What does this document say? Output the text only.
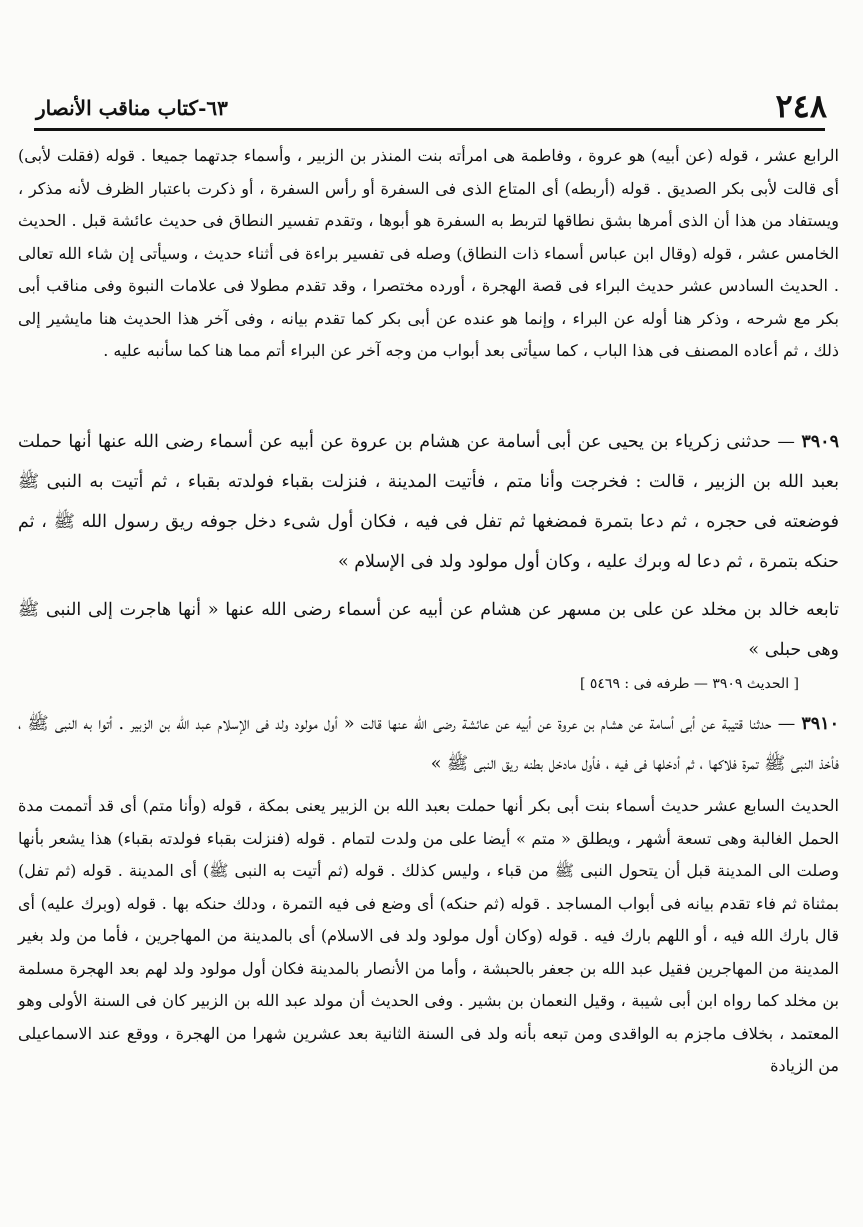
٢٤٨
٦٣-كتاب مناقب الأنصار

الرابع عشر ، قوله (عن أبيه) هو عروة ، وفاطمة هى امرأته بنت المنذر بن الزبير ، وأسماء جدتهما جميعا . قوله (فقلت لأبى) أى قالت لأبى بكر الصديق . قوله (أربطه) أى المتاع الذى فى السفرة أو رأس السفرة ، أو ذكرت باعتبار الظرف لأنه مذكر ، ويستفاد من هذا أن الذى أمرها بشق نطاقها لتربط به السفرة هو أبوها ، وتقدم تفسير النطاق فى حديث عائشة قبل . الحديث الخامس عشر ، قوله (وقال ابن عباس أسماء ذات النطاق) وصله فى تفسير براءة فى أثناء حديث ، وسيأتى إن شاء الله تعالى . الحديث السادس عشر حديث البراء فى قصة الهجرة ، أورده مختصرا ، وقد تقدم مطولا فى علامات النبوة وفى مناقب أبى بكر مع شرحه ، وذكر هنا أوله عن البراء ، وإنما هو عنده عن أبى بكر كما تقدم بيانه ، وفى آخر هذا الحديث هنا مايشير إلى ذلك ، ثم أعاده المصنف فى هذا الباب ، كما سيأتى بعد أبواب من وجه آخر عن البراء أتم مما هنا كما سأنبه عليه .

٣٩٠٩ — حدثنى زكرياء بن يحيى عن أبى أسامة عن هشام بن عروة عن أبيه عن أسماء رضى الله عنها أنها حملت بعبد الله بن الزبير ، قالت : فخرجت وأنا متم ، فأتيت المدينة ، فنزلت بقباء فولدته بقباء ، ثم أتيت به النبى ﷺ فوضعته فى حجره ، ثم دعا بتمرة فمضغها ثم تفل فى فيه ، فكان أول شىء دخل جوفه ريق رسول الله ﷺ ، ثم حنكه بتمرة ، ثم دعا له وبرك عليه ، وكان أول مولود ولد فى الإسلام »

تابعه خالد بن مخلد عن على بن مسهر عن هشام عن أبيه عن أسماء رضى الله عنها « أنها هاجرت إلى النبى ﷺ وهى حبلى »

[ الحديث ٣٩٠٩ — طرفه فى : ٥٤٦٩ ]

٣٩١٠ — حدثنا قتيبة عن أبى أسامة عن هشام بن عروة عن أبيه عن عائشة رضى الله عنها قالت « أول مولود ولد فى الإسلام عبد الله بن الزبير . أتوا به النبى ﷺ ، فأخذ النبى ﷺ تمرة فلاكها ، ثم أدخلها فى فيه ، فأول مادخل بطنه ريق النبى ﷺ »

الحديث السابع عشر حديث أسماء بنت أبى بكر أنها حملت بعبد الله بن الزبير يعنى بمكة ، قوله (وأنا متم) أى قد أتممت مدة الحمل الغالبة وهى تسعة أشهر ، ويطلق « متم » أيضا على من ولدت لتمام . قوله (فنزلت بقباء فولدته بقباء) هذا يشعر بأنها وصلت الى المدينة قبل أن يتحول النبى ﷺ من قباء ، وليس كذلك . قوله (ثم أتيت به النبى ﷺ) أى المدينة . قوله (ثم تفل) بمثناة ثم فاء تقدم بيانه فى أبواب المساجد . قوله (ثم حنكه) أى وضع فى فيه التمرة ، ودلك حنكه بها . قوله (وبرك عليه) أى قال بارك الله فيه ، أو اللهم بارك فيه . قوله (وكان أول مولود ولد فى الاسلام) أى بالمدينة من المهاجرين ، فأما من ولد بغير المدينة من المهاجرين فقيل عبد الله بن جعفر بالحبشة ، وأما من الأنصار بالمدينة فكان أول مولود ولد لهم بعد الهجرة مسلمة بن مخلد كما رواه ابن أبى شيبة ، وقيل النعمان بن بشير . وفى الحديث أن مولد عبد الله بن الزبير كان فى السنة الأولى وهو المعتمد ، بخلاف ماجزم به الواقدى ومن تبعه بأنه ولد فى السنة الثانية بعد عشرين شهرا من الهجرة ، ووقع عند الاسماعيلى من الزيادة
